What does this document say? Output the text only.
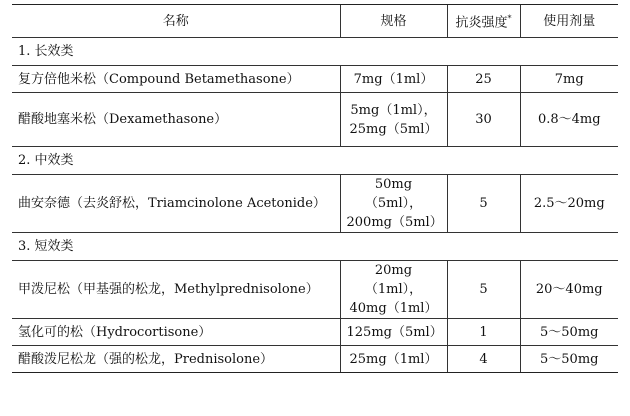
名称	规格	抗炎强度*	使用剂量
1. 长效类			
复方倍他米松（Compound Betamethasone）	7mg（1ml）	25	7mg
醋酸地塞米松（Dexamethasone）	5mg（1ml），
25mg（5ml）	30	0.8～4mg
2. 中效类			
曲安奈德（去炎舒松，Triamcinolone Acetonide）	50mg（5ml），
200mg（5ml）	5	2.5～20mg
3. 短效类			
甲泼尼松（甲基强的松龙，Methylprednisolone）	20mg（1ml），
40mg（1ml）	5	20～40mg
氢化可的松（Hydrocortisone）	125mg（5ml）	1	5～50mg
醋酸泼尼松龙（强的松龙，Prednisolone）	25mg（1ml）	4	5～50mg
